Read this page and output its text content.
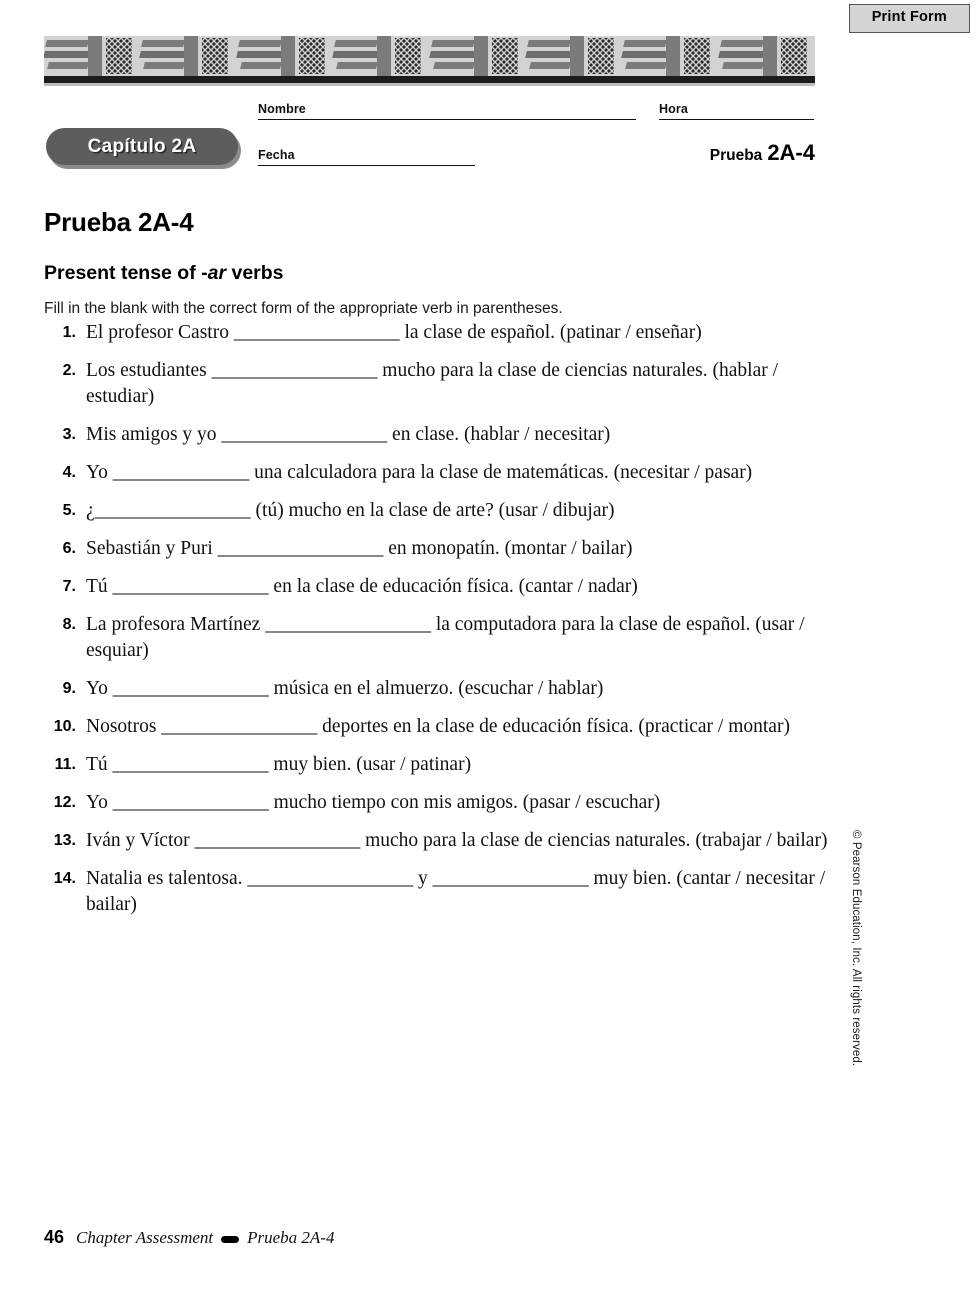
Print Form
Nombre	Hora
Fecha
Capítulo 2A	Prueba 2A-4
Prueba 2A-4
Present tense of -ar verbs

Fill in the blank with the correct form of the appropriate verb in parentheses.

1. El profesor Castro _________________ la clase de español. (patinar / enseñar)
2. Los estudiantes _________________ mucho para la clase de ciencias naturales. (hablar / estudiar)
3. Mis amigos y yo _________________ en clase. (hablar / necesitar)
4. Yo ______________ una calculadora para la clase de matemáticas. (necesitar / pasar)
5. ¿________________ (tú) mucho en la clase de arte? (usar / dibujar)
6. Sebastián y Puri _________________ en monopatín. (montar / bailar)
7. Tú ________________ en la clase de educación física. (cantar / nadar)
8. La profesora Martínez _________________ la computadora para la clase de español. (usar / esquiar)
9. Yo ________________ música en el almuerzo. (escuchar / hablar)
10. Nosotros ________________ deportes en la clase de educación física. (practicar / montar)
11. Tú ________________ muy bien. (usar / patinar)
12. Yo ________________ mucho tiempo con mis amigos. (pasar / escuchar)
13. Iván y Víctor _________________ mucho para la clase de ciencias naturales. (trabajar / bailar)
14. Natalia es talentosa. _________________ y ________________ muy bien. (cantar / necesitar / bailar)	© Pearson Education, Inc. All rights reserved.
46 Chapter Assessment Prueba 2A-4
